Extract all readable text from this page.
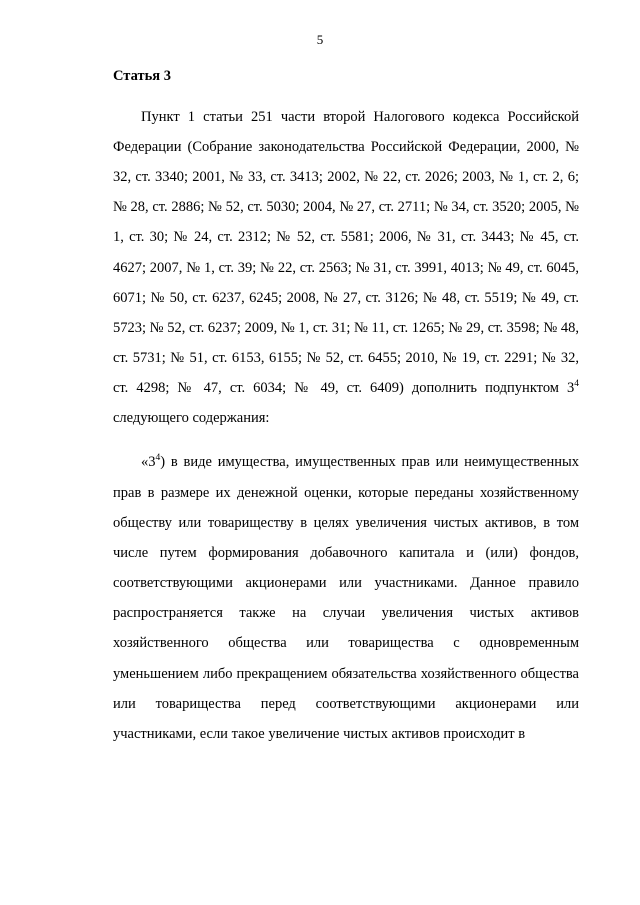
5

Статья 3

Пункт 1 статьи 251 части второй Налогового кодекса Российской Федерации (Собрание законодательства Российской Федерации, 2000, № 32, ст. 3340; 2001, № 33, ст. 3413; 2002, № 22, ст. 2026; 2003, № 1, ст. 2, 6; № 28, ст. 2886; № 52, ст. 5030; 2004, № 27, ст. 2711; № 34, ст. 3520; 2005, № 1, ст. 30; № 24, ст. 2312; № 52, ст. 5581; 2006, № 31, ст. 3443; № 45, ст. 4627; 2007, № 1, ст. 39; № 22, ст. 2563; № 31, ст. 3991, 4013; № 49, ст. 6045, 6071; № 50, ст. 6237, 6245; 2008, № 27, ст. 3126; № 48, ст. 5519; № 49, ст. 5723; № 52, ст. 6237; 2009, № 1, ст. 31; № 11, ст. 1265; № 29, ст. 3598; № 48, ст. 5731; № 51, ст. 6153, 6155; № 52, ст. 6455; 2010, № 19, ст. 2291; № 32, ст. 4298; № 47, ст. 6034; № 49, ст. 6409) дополнить подпунктом $3^4$ следующего содержания:

«$3^4$) в виде имущества, имущественных прав или неимущественных прав в размере их денежной оценки, которые переданы хозяйственному обществу или товариществу в целях увеличения чистых активов, в том числе путем формирования добавочного капитала и (или) фондов, соответствующими акционерами или участниками. Данное правило распространяется также на случаи увеличения чистых активов хозяйственного общества или товарищества с одновременным уменьшением либо прекращением обязательства хозяйственного общества или товарищества перед соответствующими акционерами или участниками, если такое увеличение чистых активов происходит в
